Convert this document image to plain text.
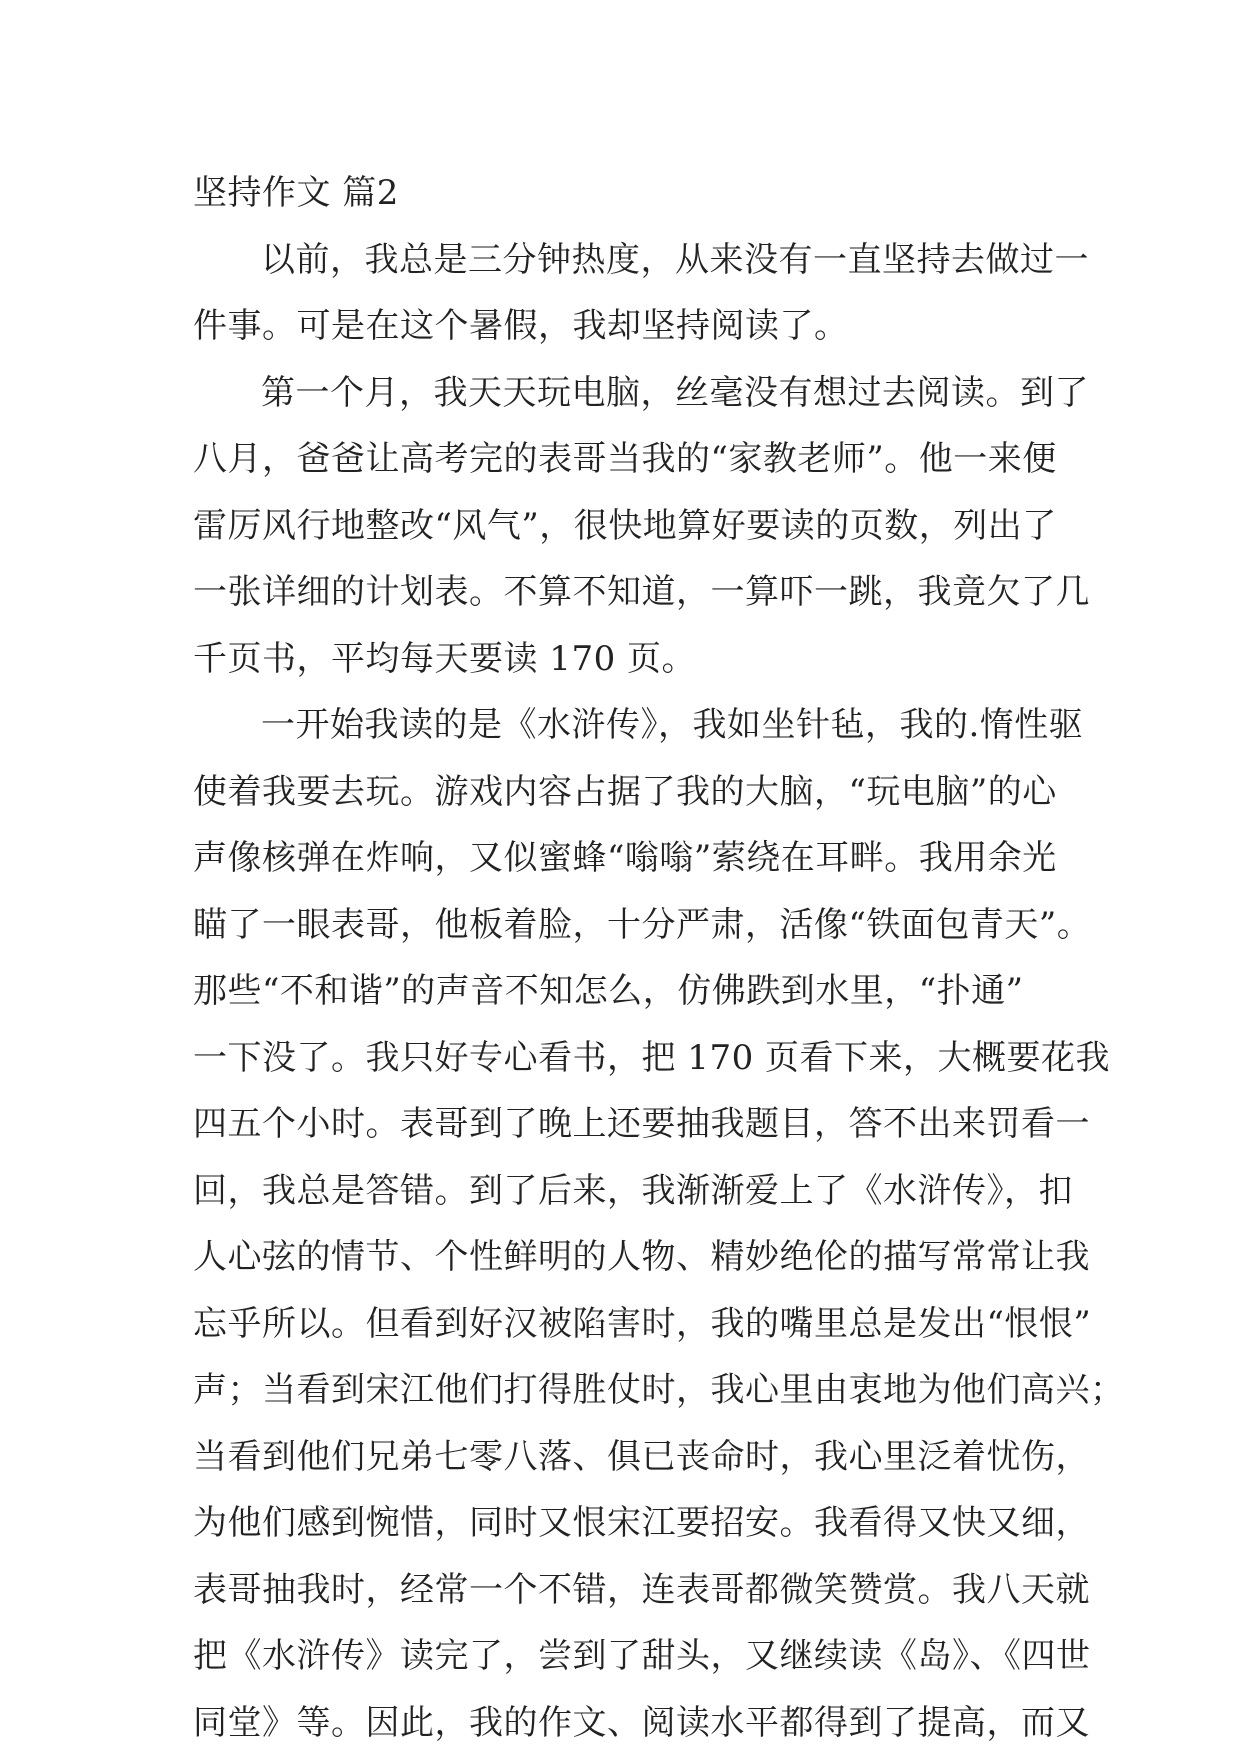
坚持作文 篇2
以前，我总是三分钟热度，从来没有一直坚持去做过一
件事。可是在这个暑假，我却坚持阅读了。
第一个月，我天天玩电脑，丝毫没有想过去阅读。到了
八月，爸爸让高考完的表哥当我的“家教老师”。他一来便
雷厉风行地整改“风气”，很快地算好要读的页数，列出了
一张详细的计划表。不算不知道，一算吓一跳，我竟欠了几
千页书，平均每天要读 170 页。
一开始我读的是《水浒传》，我如坐针毡，我的.惰性驱
使着我要去玩。游戏内容占据了我的大脑，“玩电脑”的心
声像核弹在炸响，又似蜜蜂“嗡嗡”萦绕在耳畔。我用余光
瞄了一眼表哥，他板着脸，十分严肃，活像“铁面包青天”。
那些“不和谐”的声音不知怎么，仿佛跌到水里，“扑通”
一下没了。我只好专心看书，把 170 页看下来，大概要花我
四五个小时。表哥到了晚上还要抽我题目，答不出来罚看一
回，我总是答错。到了后来，我渐渐爱上了《水浒传》，扣
人心弦的情节、个性鲜明的人物、精妙绝伦的描写常常让我
忘乎所以。但看到好汉被陷害时，我的嘴里总是发出“恨恨”
声；当看到宋江他们打得胜仗时，我心里由衷地为他们高兴；
当看到他们兄弟七零八落、俱已丧命时，我心里泛着忧伤，
为他们感到惋惜，同时又恨宋江要招安。我看得又快又细，
表哥抽我时，经常一个不错，连表哥都微笑赞赏。我八天就
把《水浒传》读完了，尝到了甜头，又继续读《岛》、《四世
同堂》等。因此，我的作文、阅读水平都得到了提高，而又
